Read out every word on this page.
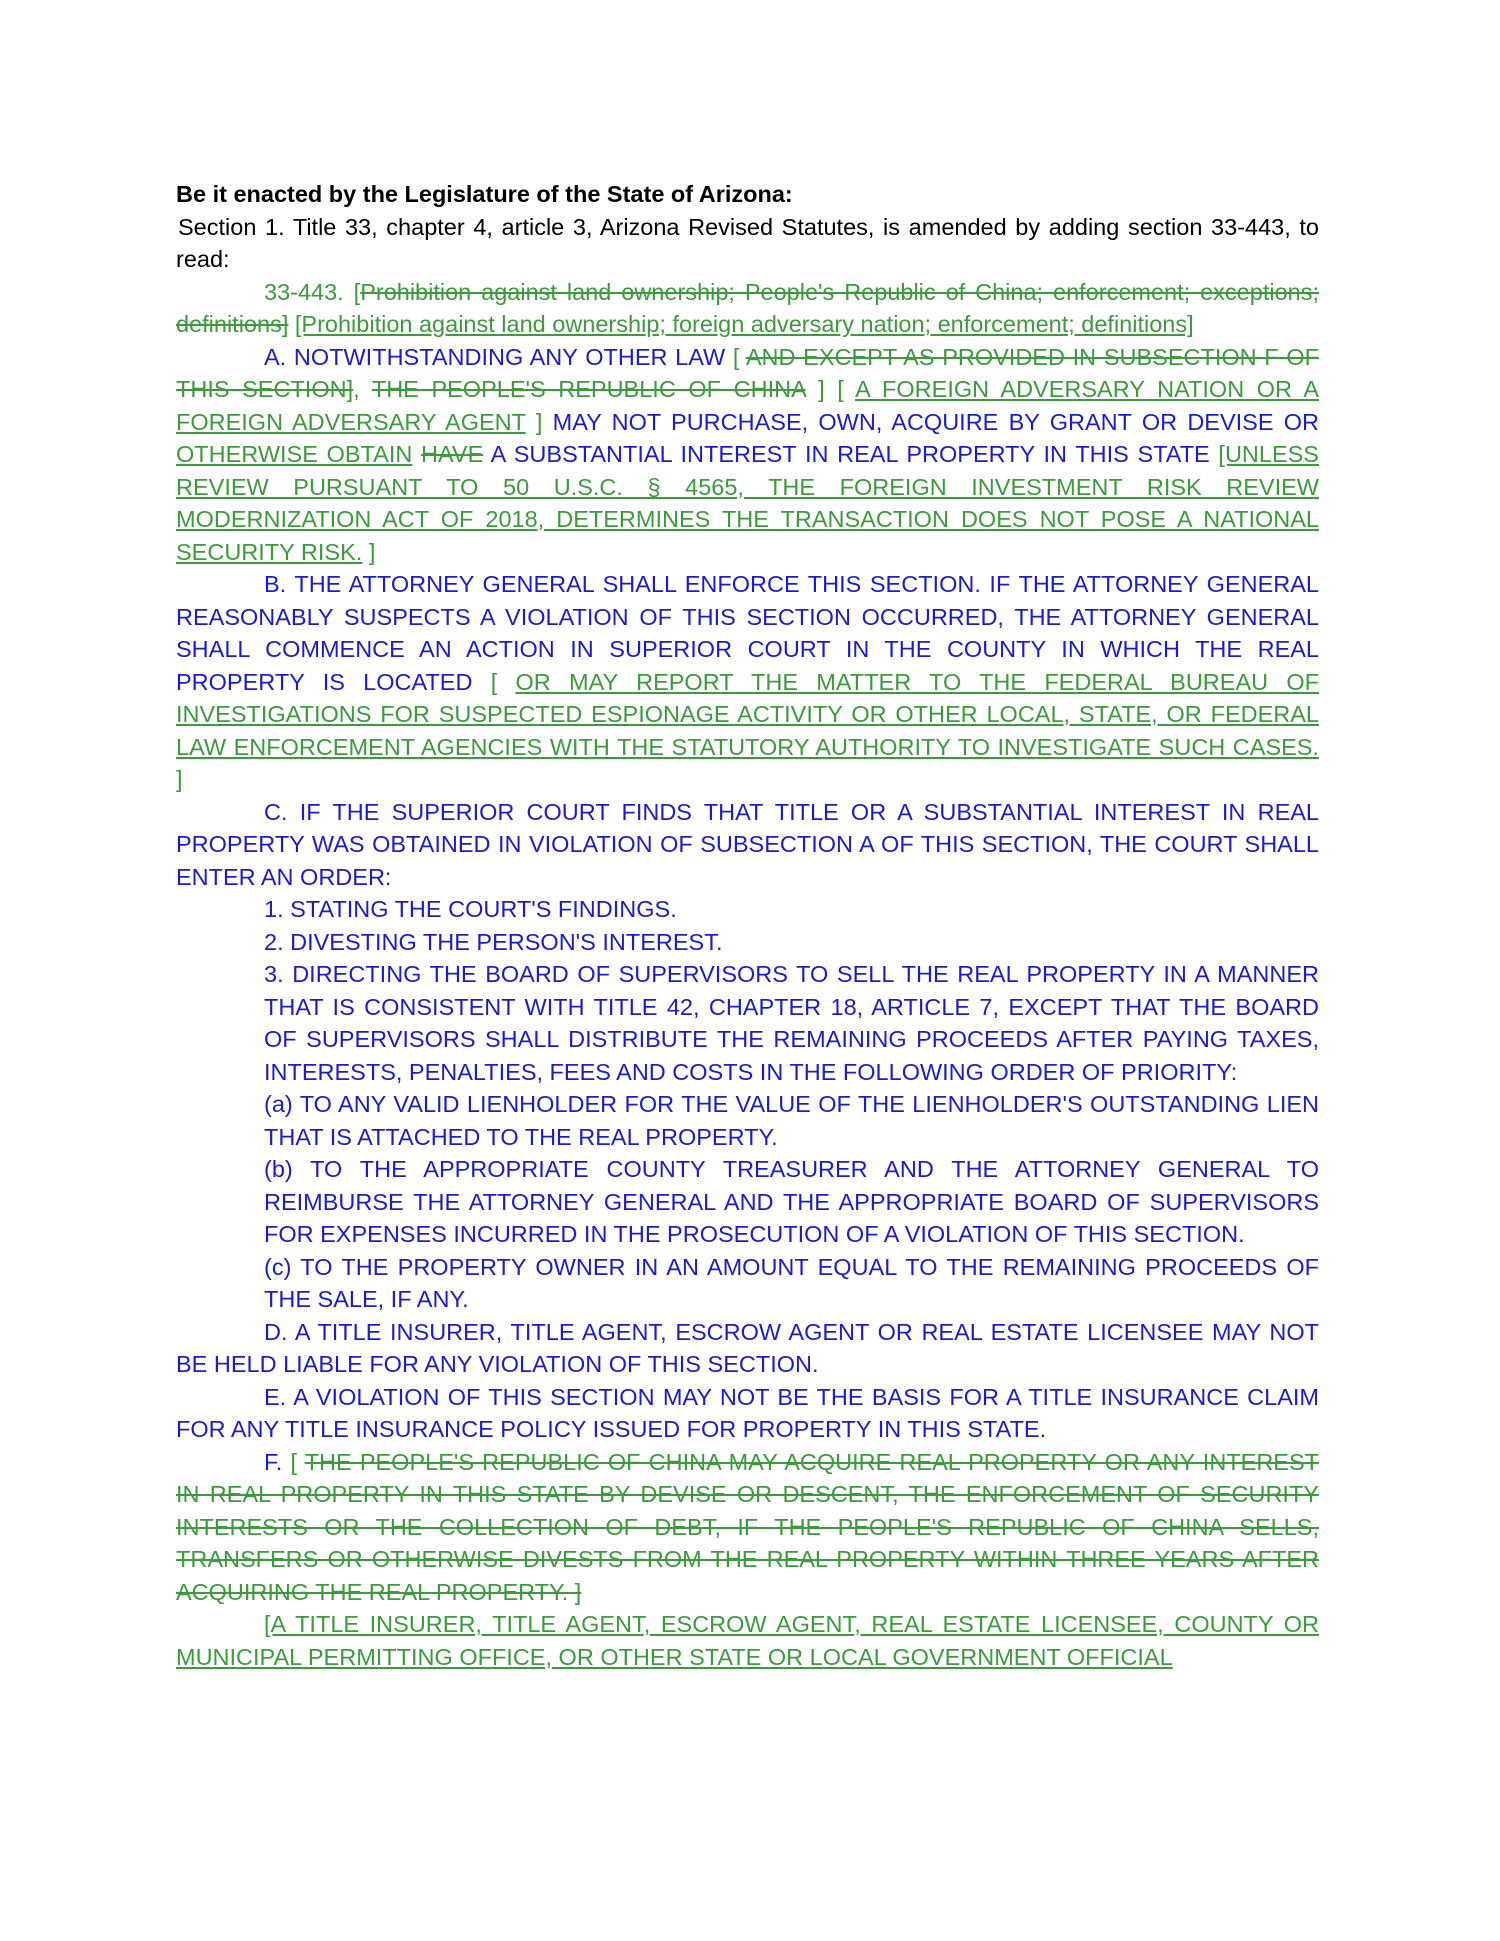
Be it enacted by the Legislature of the State of Arizona:

Section 1. Title 33, chapter 4, article 3, Arizona Revised Statutes, is amended by adding section 33-443, to read:

33-443. [Prohibition against land ownership; People's Republic of China; enforcement; exceptions; definitions] [Prohibition against land ownership; foreign adversary nation; enforcement; definitions]

A. NOTWITHSTANDING ANY OTHER LAW [ AND EXCEPT AS PROVIDED IN SUBSECTION F OF THIS SECTION], THE PEOPLE'S REPUBLIC OF CHINA ] [ A FOREIGN ADVERSARY NATION OR A FOREIGN ADVERSARY AGENT ] MAY NOT PURCHASE, OWN, ACQUIRE BY GRANT OR DEVISE OR OTHERWISE OBTAIN HAVE A SUBSTANTIAL INTEREST IN REAL PROPERTY IN THIS STATE [UNLESS REVIEW PURSUANT TO 50 U.S.C. § 4565, THE FOREIGN INVESTMENT RISK REVIEW MODERNIZATION ACT OF 2018, DETERMINES THE TRANSACTION DOES NOT POSE A NATIONAL SECURITY RISK. ]

B. THE ATTORNEY GENERAL SHALL ENFORCE THIS SECTION. IF THE ATTORNEY GENERAL REASONABLY SUSPECTS A VIOLATION OF THIS SECTION OCCURRED, THE ATTORNEY GENERAL SHALL COMMENCE AN ACTION IN SUPERIOR COURT IN THE COUNTY IN WHICH THE REAL PROPERTY IS LOCATED [ OR MAY REPORT THE MATTER TO THE FEDERAL BUREAU OF INVESTIGATIONS FOR SUSPECTED ESPIONAGE ACTIVITY OR OTHER LOCAL, STATE, OR FEDERAL LAW ENFORCEMENT AGENCIES WITH THE STATUTORY AUTHORITY TO INVESTIGATE SUCH CASES. ]

C. IF THE SUPERIOR COURT FINDS THAT TITLE OR A SUBSTANTIAL INTEREST IN REAL PROPERTY WAS OBTAINED IN VIOLATION OF SUBSECTION A OF THIS SECTION, THE COURT SHALL ENTER AN ORDER:

1. STATING THE COURT'S FINDINGS.

2. DIVESTING THE PERSON'S INTEREST.

3. DIRECTING THE BOARD OF SUPERVISORS TO SELL THE REAL PROPERTY IN A MANNER THAT IS CONSISTENT WITH TITLE 42, CHAPTER 18, ARTICLE 7, EXCEPT THAT THE BOARD OF SUPERVISORS SHALL DISTRIBUTE THE REMAINING PROCEEDS AFTER PAYING TAXES, INTERESTS, PENALTIES, FEES AND COSTS IN THE FOLLOWING ORDER OF PRIORITY:

(a) TO ANY VALID LIENHOLDER FOR THE VALUE OF THE LIENHOLDER'S OUTSTANDING LIEN THAT IS ATTACHED TO THE REAL PROPERTY.

(b) TO THE APPROPRIATE COUNTY TREASURER AND THE ATTORNEY GENERAL TO REIMBURSE THE ATTORNEY GENERAL AND THE APPROPRIATE BOARD OF SUPERVISORS FOR EXPENSES INCURRED IN THE PROSECUTION OF A VIOLATION OF THIS SECTION.

(c) TO THE PROPERTY OWNER IN AN AMOUNT EQUAL TO THE REMAINING PROCEEDS OF THE SALE, IF ANY.

D. A TITLE INSURER, TITLE AGENT, ESCROW AGENT OR REAL ESTATE LICENSEE MAY NOT BE HELD LIABLE FOR ANY VIOLATION OF THIS SECTION.

E. A VIOLATION OF THIS SECTION MAY NOT BE THE BASIS FOR A TITLE INSURANCE CLAIM FOR ANY TITLE INSURANCE POLICY ISSUED FOR PROPERTY IN THIS STATE.

F. [ THE PEOPLE'S REPUBLIC OF CHINA MAY ACQUIRE REAL PROPERTY OR ANY INTEREST IN REAL PROPERTY IN THIS STATE BY DEVISE OR DESCENT, THE ENFORCEMENT OF SECURITY INTERESTS OR THE COLLECTION OF DEBT, IF THE PEOPLE'S REPUBLIC OF CHINA SELLS, TRANSFERS OR OTHERWISE DIVESTS FROM THE REAL PROPERTY WITHIN THREE YEARS AFTER ACQUIRING THE REAL PROPERTY. ]

[A TITLE INSURER, TITLE AGENT, ESCROW AGENT, REAL ESTATE LICENSEE, COUNTY OR MUNICIPAL PERMITTING OFFICE, OR OTHER STATE OR LOCAL GOVERNMENT OFFICIAL
